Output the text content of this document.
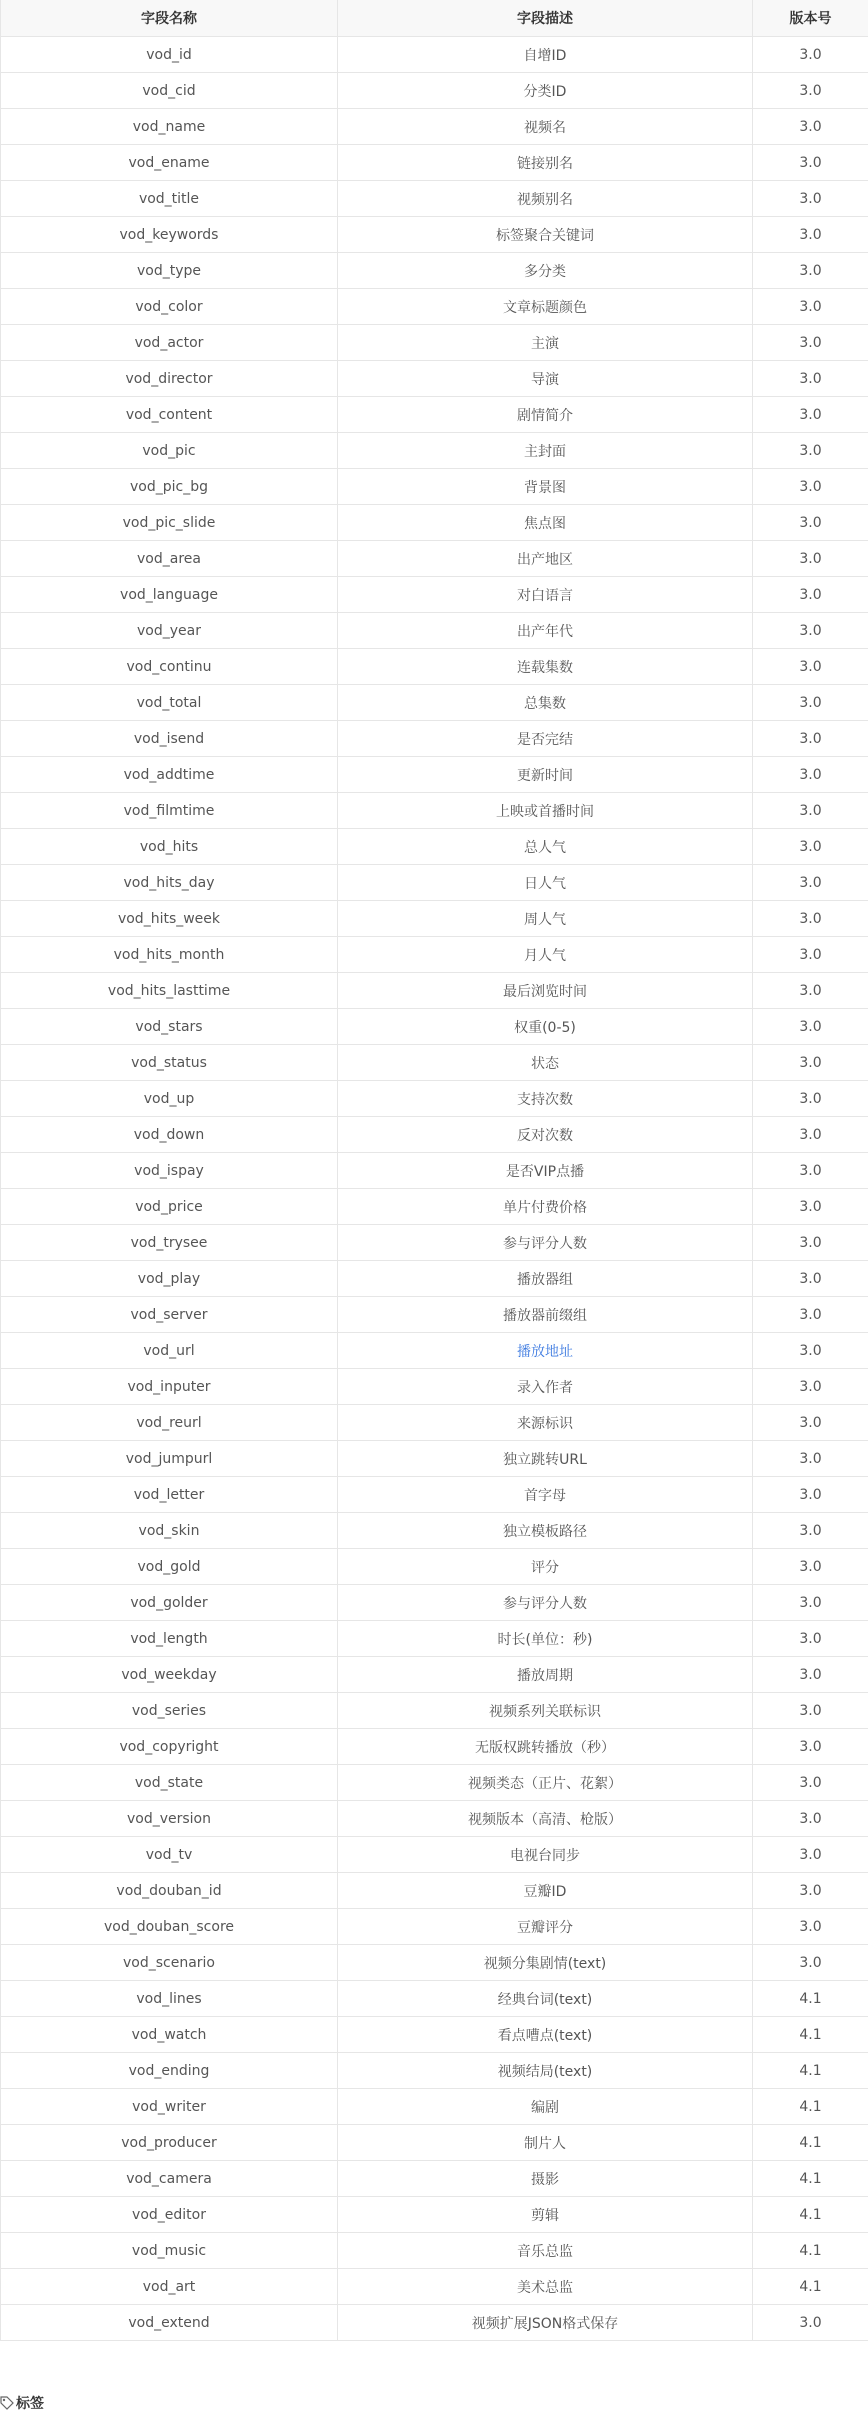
字段名称	字段描述	版本号
vod_id	自增ID	3.0
vod_cid	分类ID	3.0
vod_name	视频名	3.0
vod_ename	链接别名	3.0
vod_title	视频别名	3.0
vod_keywords	标签聚合关键词	3.0
vod_type	多分类	3.0
vod_color	文章标题颜色	3.0
vod_actor	主演	3.0
vod_director	导演	3.0
vod_content	剧情简介	3.0
vod_pic	主封面	3.0
vod_pic_bg	背景图	3.0
vod_pic_slide	焦点图	3.0
vod_area	出产地区	3.0
vod_language	对白语言	3.0
vod_year	出产年代	3.0
vod_continu	连载集数	3.0
vod_total	总集数	3.0
vod_isend	是否完结	3.0
vod_addtime	更新时间	3.0
vod_filmtime	上映或首播时间	3.0
vod_hits	总人气	3.0
vod_hits_day	日人气	3.0
vod_hits_week	周人气	3.0
vod_hits_month	月人气	3.0
vod_hits_lasttime	最后浏览时间	3.0
vod_stars	权重(0-5)	3.0
vod_status	状态	3.0
vod_up	支持次数	3.0
vod_down	反对次数	3.0
vod_ispay	是否VIP点播	3.0
vod_price	单片付费价格	3.0
vod_trysee	参与评分人数	3.0
vod_play	播放器组	3.0
vod_server	播放器前缀组	3.0
vod_url	播放地址	3.0
vod_inputer	录入作者	3.0
vod_reurl	来源标识	3.0
vod_jumpurl	独立跳转URL	3.0
vod_letter	首字母	3.0
vod_skin	独立模板路径	3.0
vod_gold	评分	3.0
vod_golder	参与评分人数	3.0
vod_length	时长(单位：秒)	3.0
vod_weekday	播放周期	3.0
vod_series	视频系列关联标识	3.0
vod_copyright	无版权跳转播放（秒）	3.0
vod_state	视频类态（正片、花絮）	3.0
vod_version	视频版本（高清、枪版）	3.0
vod_tv	电视台同步	3.0
vod_douban_id	豆瓣ID	3.0
vod_douban_score	豆瓣评分	3.0
vod_scenario	视频分集剧情(text)	3.0
vod_lines	经典台词(text)	4.1
vod_watch	看点嘈点(text)	4.1
vod_ending	视频结局(text)	4.1
vod_writer	编剧	4.1
vod_producer	制片人	4.1
vod_camera	摄影	4.1
vod_editor	剪辑	4.1
vod_music	音乐总监	4.1
vod_art	美术总监	4.1
vod_extend	视频扩展JSON格式保存	3.0
标签
